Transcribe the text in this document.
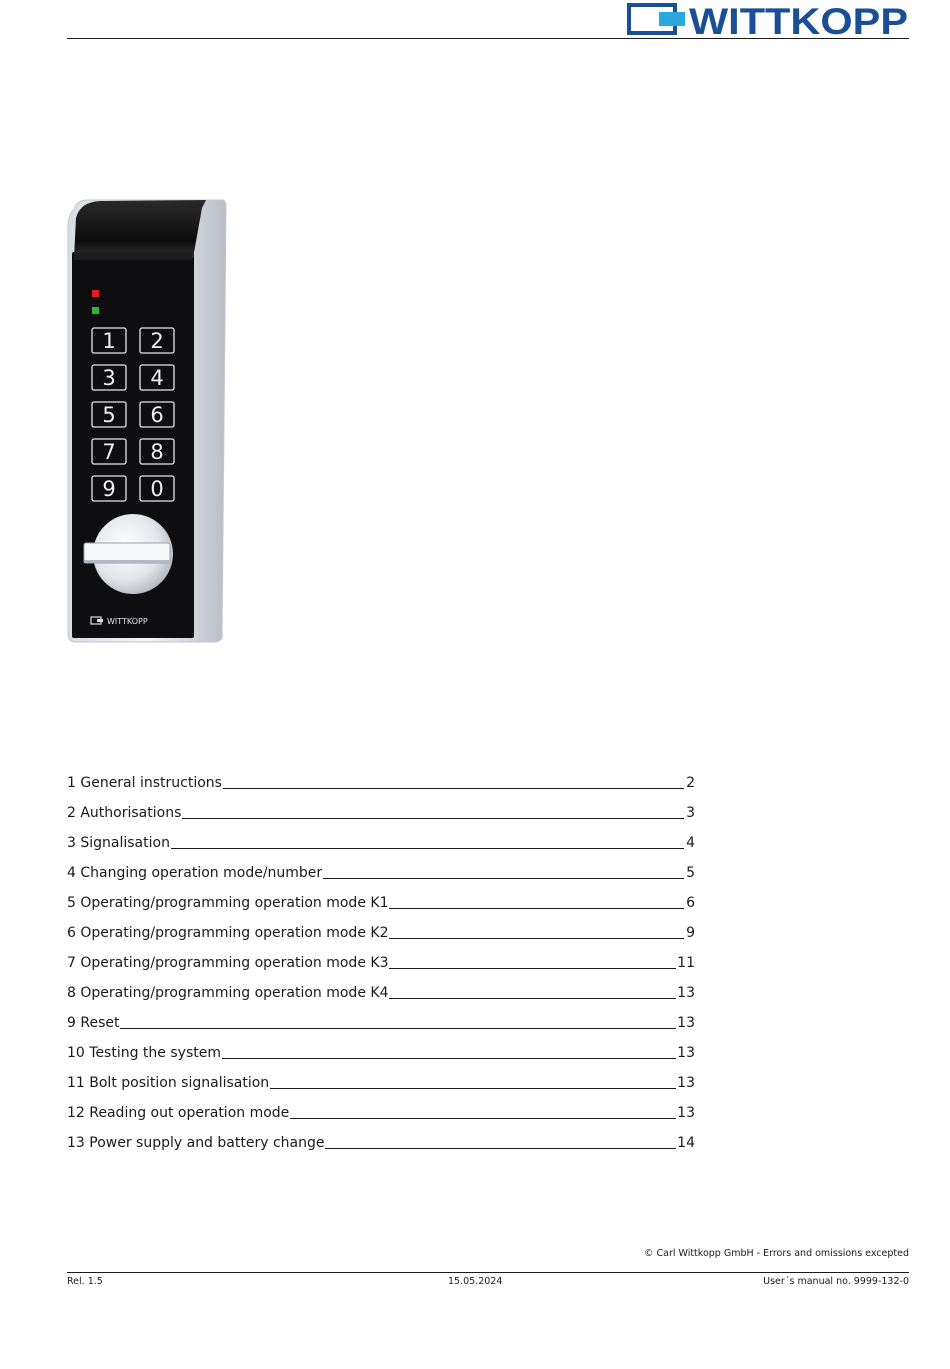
WITTKOPP
1 2
3 4
5 6
7 8
9 0
WITTKOPP
1 General instructions	2
2 Authorisations	3
3 Signalisation	4
4 Changing operation mode/number	5
5 Operating/programming operation mode K1	6
6 Operating/programming operation mode K2	9
7 Operating/programming operation mode K3	11
8 Operating/programming operation mode K4	13
9 Reset	13
10 Testing the system	13
11 Bolt position signalisation	13
12 Reading out operation mode	13
13 Power supply and battery change	14
© Carl Wittkopp GmbH - Errors and omissions excepted
Rel. 1.5	15.05.2024	User´s manual no. 9999-132-0
